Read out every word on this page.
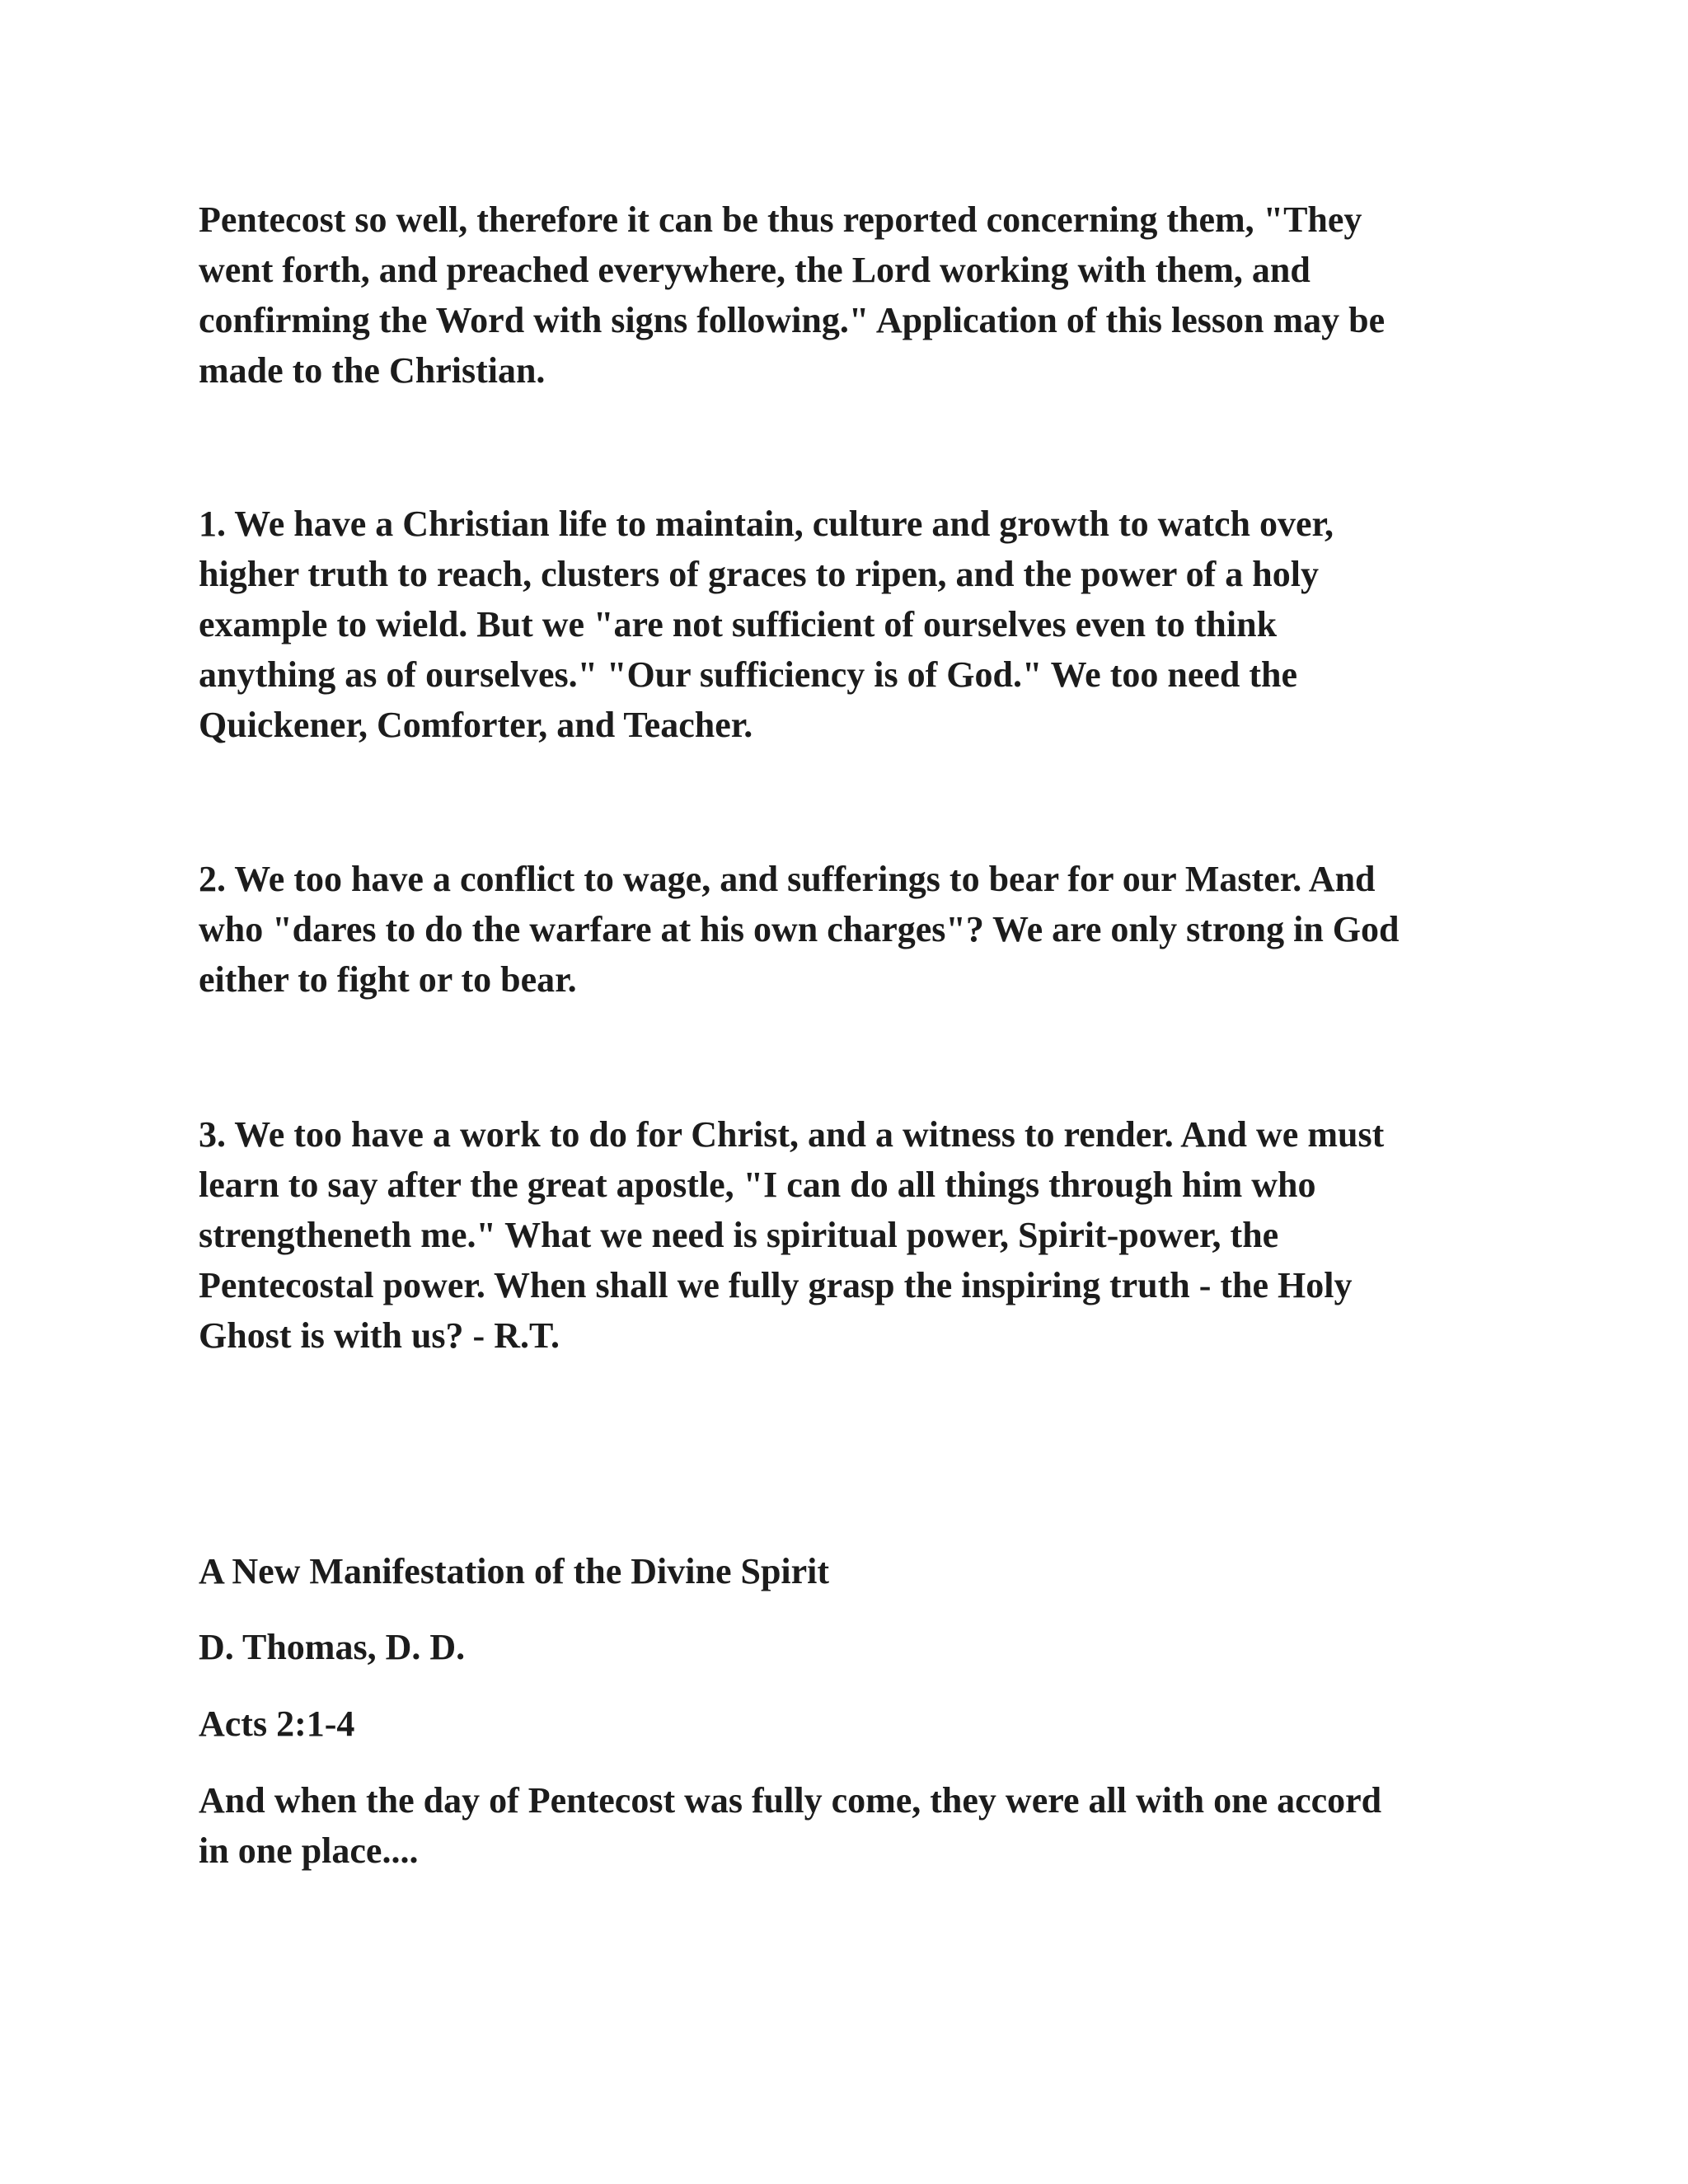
Pentecost so well, therefore it can be thus reported concerning them, "They
went forth, and preached everywhere, the Lord working with them, and
confirming the Word with signs following." Application of this lesson may be
made to the Christian.

1. We have a Christian life to maintain, culture and growth to watch over,
higher truth to reach, clusters of graces to ripen, and the power of a holy
example to wield. But we "are not sufficient of ourselves even to think
anything as of ourselves." "Our sufficiency is of God." We too need the
Quickener, Comforter, and Teacher.

2. We too have a conflict to wage, and sufferings to bear for our Master. And
who "dares to do the warfare at his own charges"? We are only strong in God
either to fight or to bear.

3. We too have a work to do for Christ, and a witness to render. And we must
learn to say after the great apostle, "I can do all things through him who
strengtheneth me." What we need is spiritual power, Spirit-power, the
Pentecostal power. When shall we fully grasp the inspiring truth - the Holy
Ghost is with us? - R.T.

A New Manifestation of the Divine Spirit

D. Thomas, D. D.

Acts 2:1-4

And when the day of Pentecost was fully come, they were all with one accord
in one place....
